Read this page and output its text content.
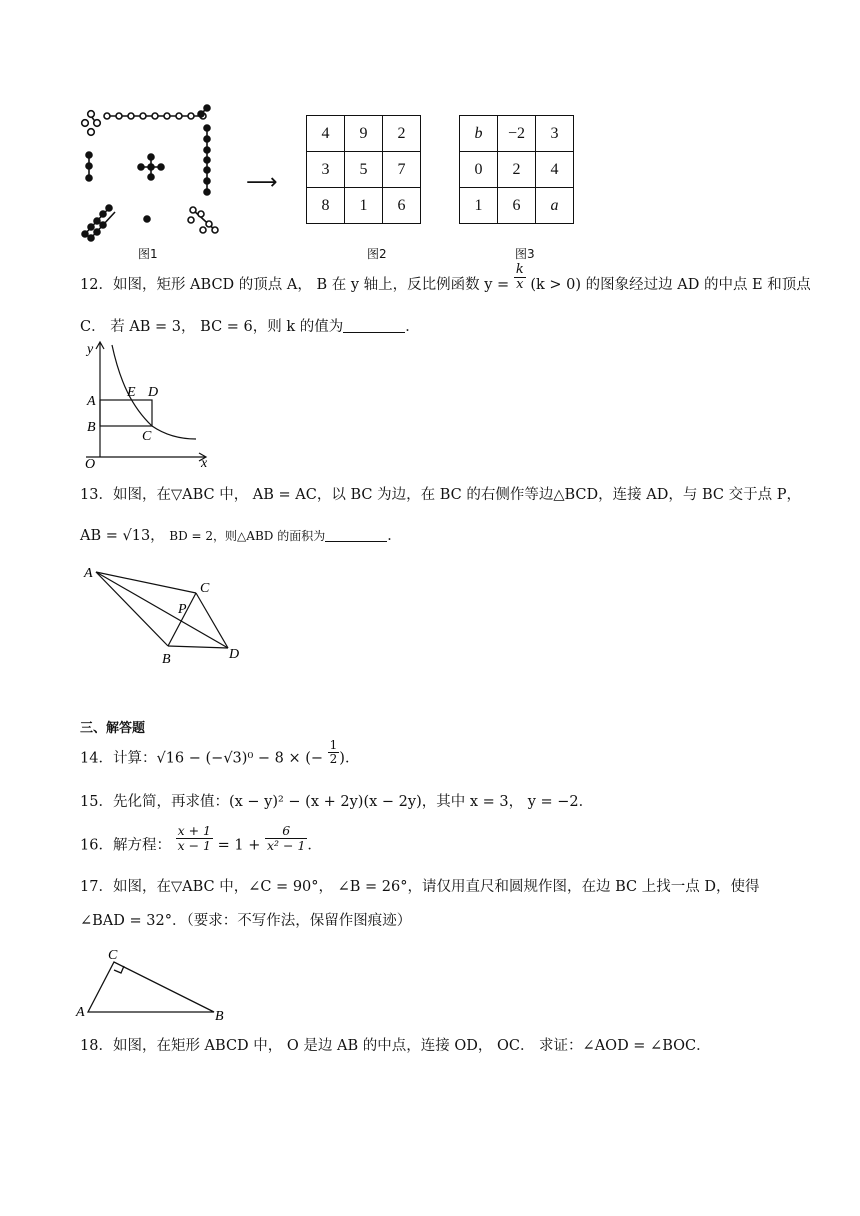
图1
⟶
4	9	2
3	5	7
8	1	6
图2
b	−2	3
0	2	4
1	6	a
图3
12．如图，矩形 ABCD 的顶点 A， B 在 y 轴上，反比例函数 $y = \frac{k}{x} (k > 0)$ 的图象经过边 AD 的中点 E 和顶点
C． 若 AB = 3， BC = 6，则 k 的值为	．
y
x
O
A
B
C
D
E
13．如图，在▽ABC 中， AB = AC，以 BC 为边，在 BC 的右侧作等边△BCD，连接 AD，与 BC 交于点 P，
AB = √13， BD = 2，则△ABD 的面积为	．
A
C
P
B	D
三、解答题
14．计算：√16 − (−√3)⁰ − 8 × (− $\frac{1}{2}$ )．
15．先化简，再求值：(x − y)² − (x + 2y)(x − 2y)，其中 x = 3， y = −2．
16．解方程： $\frac{x + 1}{x - 1} = 1 + \frac{6}{\text{x² − 1}}$ ．
17．如图，在▽ABC 中，∠C = 90°， ∠B = 26°，请仅用直尺和圆规作图，在边 BC 上找一点 D，使得
∠BAD = 32°．（要求：不写作法，保留作图痕迹）
C
A	B
18．如图，在矩形 ABCD 中， O 是边 AB 的中点，连接 OD， OC． 求证：∠AOD = ∠BOC．
